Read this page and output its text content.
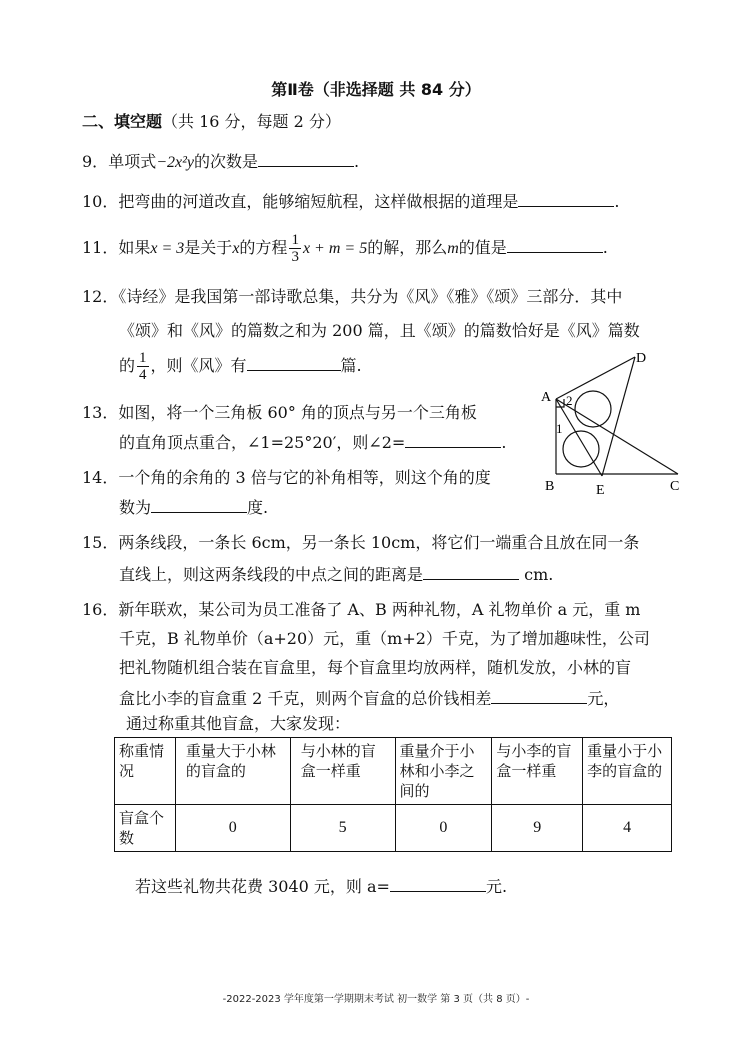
第Ⅱ卷（非选择题 共 84 分）
二、填空题（共 16 分，每题 2 分）
9．单项式−2x²y的次数是	.
10．把弯曲的河道改直，能够缩短航程，这样做根据的道理是	.
11．如果x = 3是关于x的方程 $\frac{1}{3}$ x + m = 5的解，那么m的值是	.
12．《诗经》是我国第一部诗歌总集，共分为《风》《雅》《颂》三部分．其中
《颂》和《风》的篇数之和为 200 篇，且《颂》的篇数恰好是《风》篇数
的 $\frac{1}{4}$ ，则《风》有	篇.
13．如图，将一个三角板 60° 角的顶点与另一个三角板
的直角顶点重合，∠1=25°20′，则∠2=	.
14．一个角的余角的 3 倍与它的补角相等，则这个角的度
数为	度.
A
D
B	E	C
1
2
15．两条线段，一条长 6cm，另一条长 10cm，将它们一端重合且放在同一条
直线上，则这两条线段的中点之间的距离是	cm.
16．新年联欢，某公司为员工准备了 A、B 两种礼物，A 礼物单价 a 元，重 m
千克，B 礼物单价（a+20）元，重（m+2）千克，为了增加趣味性，公司
把礼物随机组合装在盲盒里，每个盲盒里均放两样，随机发放，小林的盲
盒比小李的盲盒重 2 千克，则两个盲盒的总价钱相差	元，
通过称重其他盲盒，大家发现：
称重情况	重量大于小林的盲盒的	与小林的盲盒一样重	重量介于小林和小李之间的	与小李的盲盒一样重	重量小于小李的盲盒的
盲盒个数	0	5	0	9	4
若这些礼物共花费 3040 元，则 a=	元.
-2022-2023 学年度第一学期期末考试 初一数学 第 3 页（共 8 页）-
